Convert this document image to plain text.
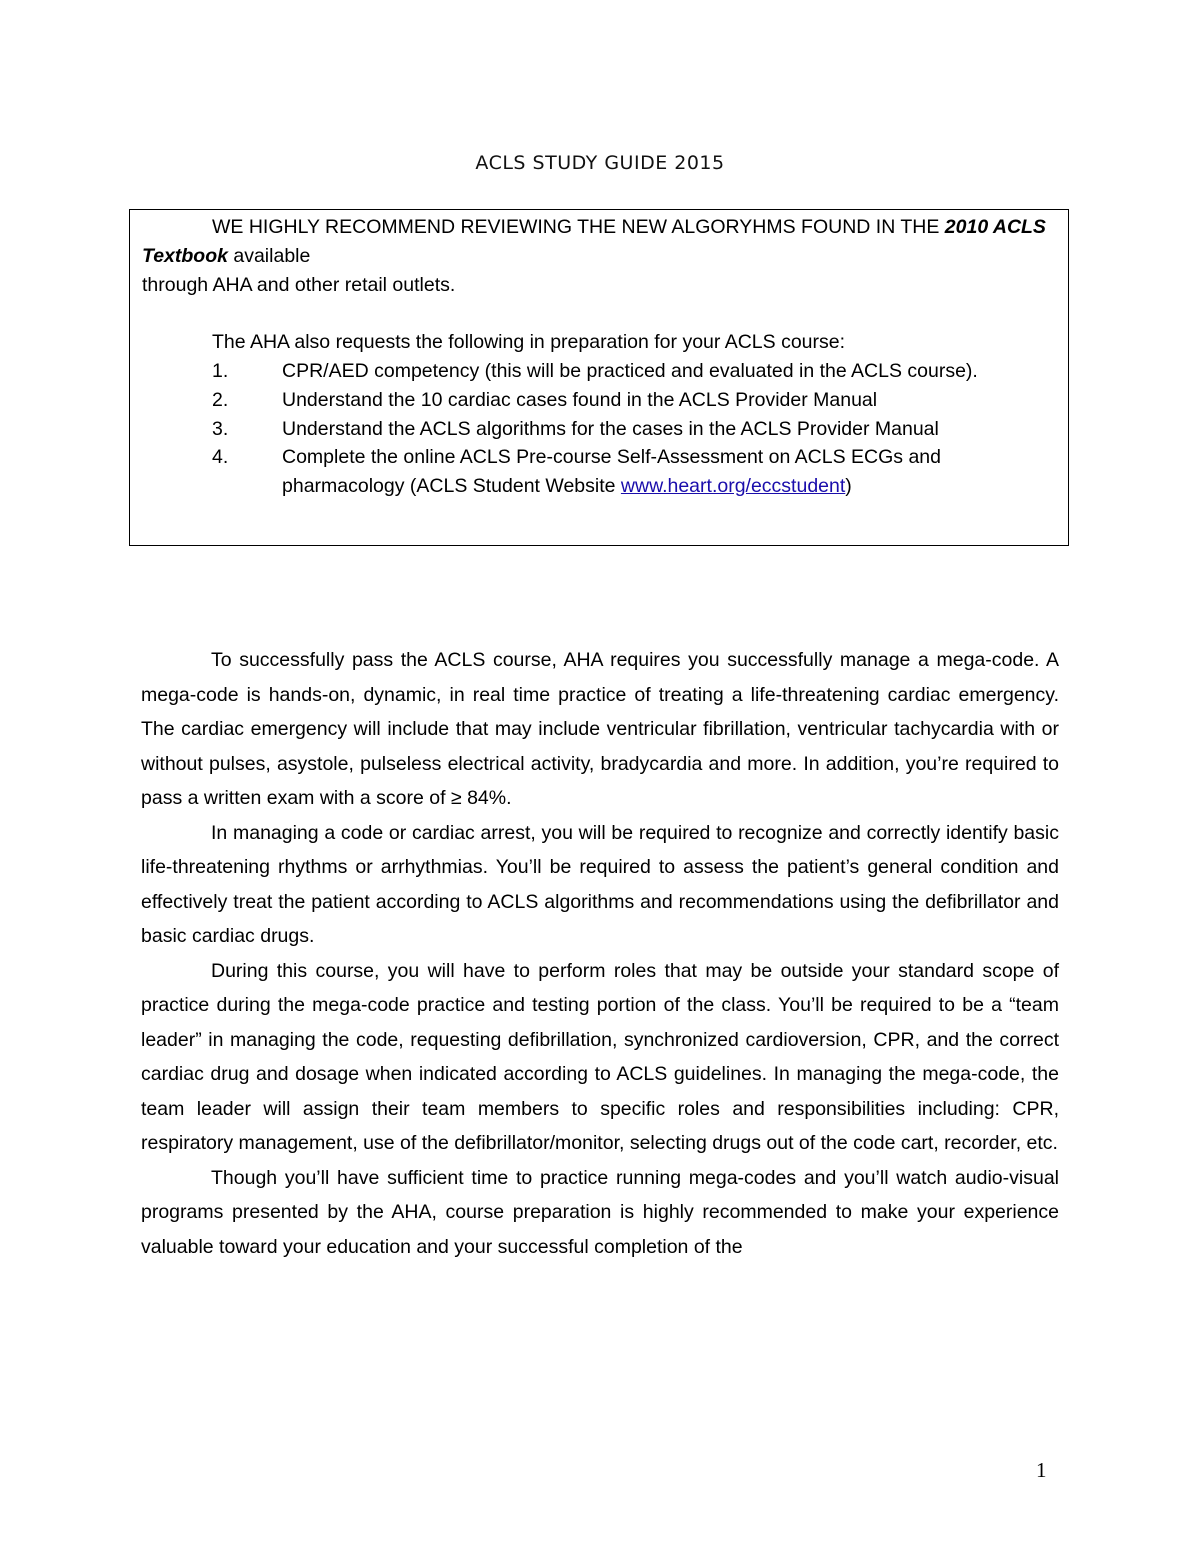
ACLS STUDY GUIDE 2015
WE HIGHLY RECOMMEND REVIEWING THE NEW ALGORYHMS FOUND IN THE 2010 ACLS
Textbook available
through AHA and other retail outlets.
The AHA also requests the following in preparation for your ACLS course:
1.	CPR/AED competency (this will be practiced and evaluated in the ACLS course).
2.	Understand the 10 cardiac cases found in the ACLS Provider Manual
3.	Understand the ACLS algorithms for the cases in the ACLS Provider Manual
4.	Complete the online ACLS Pre-course Self-Assessment on ACLS ECGs and
pharmacology (ACLS Student Website www.heart.org/eccstudent)

To successfully pass the ACLS course, AHA requires you successfully manage a mega-code. A mega-code is hands-on, dynamic, in real time practice of treating a life-threatening cardiac emergency. The cardiac emergency will include that may include ventricular fibrillation, ventricular tachycardia with or without pulses, asystole, pulseless electrical activity, bradycardia and more. In addition, you’re required to pass a written exam with a score of ≥ 84%.

In managing a code or cardiac arrest, you will be required to recognize and correctly identify basic life-threatening rhythms or arrhythmias. You’ll be required to assess the patient’s general condition and effectively treat the patient according to ACLS algorithms and recommendations using the defibrillator and basic cardiac drugs.

During this course, you will have to perform roles that may be outside your standard scope of practice during the mega-code practice and testing portion of the class. You’ll be required to be a “team leader” in managing the code, requesting defibrillation, synchronized cardioversion, CPR, and the correct cardiac drug and dosage when indicated according to ACLS guidelines. In managing the mega-code, the team leader will assign their team members to specific roles and responsibilities including: CPR, respiratory management, use of the defibrillator/monitor, selecting drugs out of the code cart, recorder, etc.

Though you’ll have sufficient time to practice running mega-codes and you’ll watch audio-visual programs presented by the AHA, course preparation is highly recommended to make your experience valuable toward your education and your successful completion of the

1
